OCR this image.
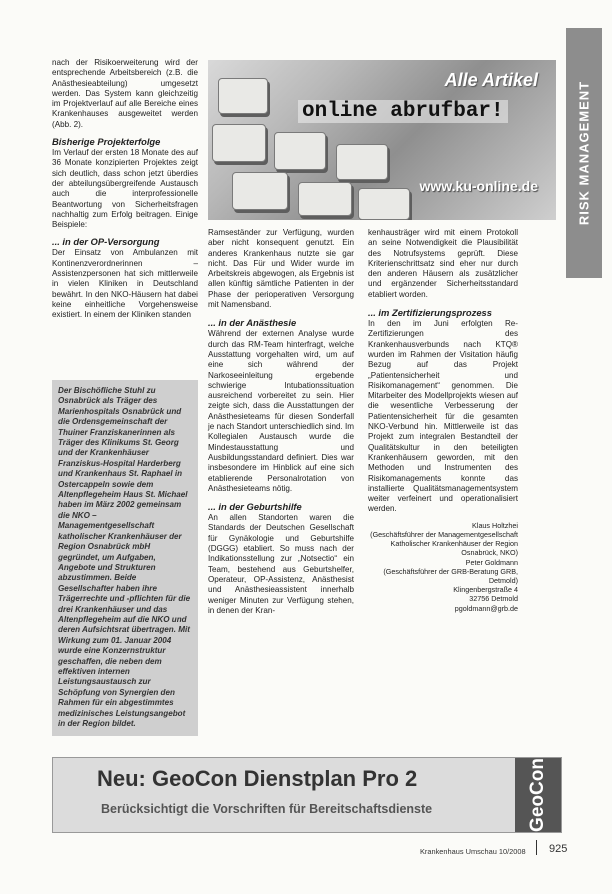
RISK MANAGEMENT

nach der Risikoerweiterung wird der entsprechende Arbeitsbereich (z.B. die Anästhesieabteilung) umgesetzt werden. Das System kann gleichzeitig im Projektverlauf auf alle Bereiche eines Krankenhauses ausgeweitet werden (Abb. 2).

Bisherige Projekterfolge

Im Verlauf der ersten 18 Monate des auf 36 Monate konzipierten Projektes zeigt sich deutlich, dass schon jetzt überdies der abteilungsübergreifende Austausch auch die interprofessionelle Beantwortung von Sicherheitsfragen nachhaltig zum Erfolg beitragen. Einige Beispiele:

... in der OP-Versorgung

Der Einsatz von Ambulanzen mit Kontinenzverordnerinnen – Assistenzpersonen hat sich mittlerweile in vielen Kliniken in Deutschland bewährt. In den NKO-Häusern hat dabei keine einheitliche Vorgehensweise existiert. In einem der Kliniken standen

Alle Artikel
online abrufbar!
www.ku-online.de

Ramseständer zur Verfügung, wurden aber nicht konsequent genutzt. Ein anderes Krankenhaus nutzte sie gar nicht. Das Für und Wider wurde im Arbeitskreis abgewogen, als Ergebnis ist allen künftig sämtliche Patienten in der Phase der perioperativen Versorgung mit Namensband.

... in der Anästhesie

Während der externen Analyse wurde durch das RM-Team hinterfragt, welche Ausstattung vorgehalten wird, um auf eine sich während der Narkoseeinleitung ergebende schwierige Intubationssituation ausreichend vorbereitet zu sein. Hier zeigte sich, dass die Ausstattungen der Anästhesieteams für diesen Sonderfall je nach Standort unterschiedlich sind. Im Kollegialen Austausch wurde die Mindestausstattung und Ausbildungsstandard definiert. Dies war insbesondere im Hinblick auf eine sich etablierende Personalrotation von Anästhesieteams nötig.

... in der Geburtshilfe

An allen Standorten waren die Standards der Deutschen Gesellschaft für Gynäkologie und Geburtshilfe (DGGG) etabliert. So muss nach der Indikationsstellung zur „Notsectio“ ein Team, bestehend aus Geburtshelfer, Operateur, OP-Assistenz, Anästhesist und Anästhesieassistent innerhalb weniger Minuten zur Verfügung stehen, in denen der Kran-

kenhausträger wird mit einem Protokoll an seine Notwendigkeit die Plausibilität des Notrufsystems geprüft. Diese Kriterienschrittsatz sind eher nur durch den anderen Häusern als zusätzlicher und ergänzender Sicherheitsstandard etabliert worden.

... im Zertifizierungsprozess

In den im Juni erfolgten Re-Zertifizierungen des Krankenhausverbunds nach KTQ® wurden im Rahmen der Visitation häufig Bezug auf das Projekt „Patientensicherheit und Risikomanagement“ genommen. Die Mitarbeiter des Modellprojekts wiesen auf die wesentliche Verbesserung der Patientensicherheit für die gesamten NKO-Verbund hin. Mittlerweile ist das Projekt zum integralen Bestandteil der Qualitätskultur in den beteiligten Krankenhäusern geworden, mit den Methoden und Instrumenten des Risikomanagements konnte das installierte Qualitätsmanagementsystem weiter verfeinert und operationalisiert werden.

Klaus Holtzhei

(Geschäftsführer der Managementgesellschaft Katholischer Krankenhäuser der Region Osnabrück, NKO)

Peter Goldmann

(Geschäftsführer der GRB-Beratung GRB, Detmold)

Klingenbergstraße 4

32756 Detmold

pgoldmann@grb.de

Der Bischöfliche Stuhl zu Osnabrück als Träger des Marienhospitals Osnabrück und die Ordensgemeinschaft der Thuiner Franziskanerinnen als Träger des Klinikums St. Georg und der Krankenhäuser Franziskus-Hospital Harderberg und Krankenhaus St. Raphael in Ostercappeln sowie dem Altenpflegeheim Haus St. Michael haben im März 2002 gemeinsam die NKO – Managementgesellschaft katholischer Krankenhäuser der Region Osnabrück mbH gegründet, um Aufgaben, Angebote und Strukturen abzustimmen. Beide Gesellschafter haben ihre Trägerrechte und -pflichten für die drei Krankenhäuser und das Altenpflegeheim auf die NKO und deren Aufsichtsrat übertragen. Mit Wirkung zum 01. Januar 2004 wurde eine Konzernstruktur geschaffen, die neben dem effektiven internen Leistungsaustausch zur Schöpfung von Synergien den Rahmen für ein abgestimmtes medizinisches Leistungsangebot in der Region bildet.

Neu: GeoCon Dienstplan Pro 2
Berücksichtigt die Vorschriften für Bereitschaftsdienste	GeoCon
Krankenhaus Umschau 10/2008 925
